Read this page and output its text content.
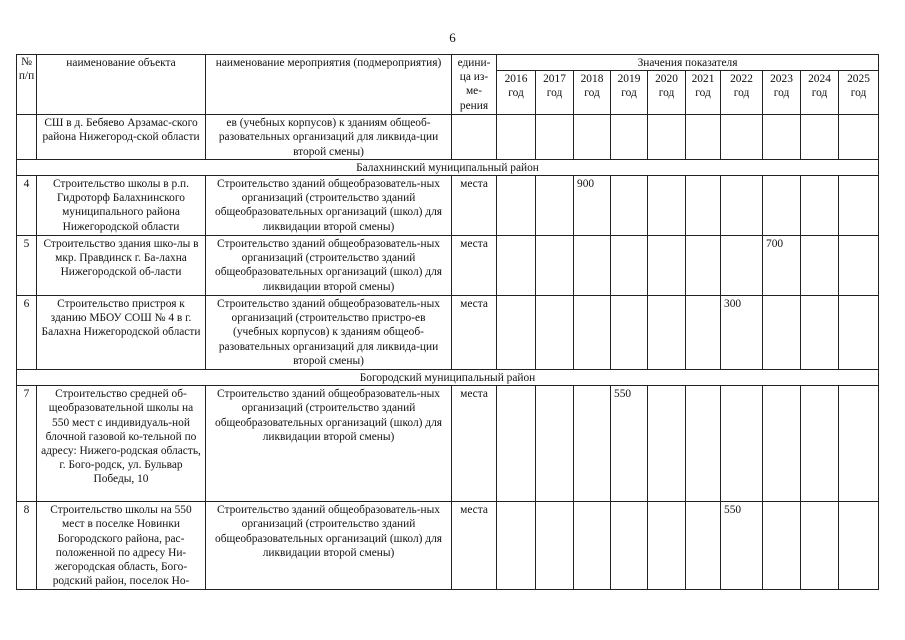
6
№ п/п	наименование объекта	наименование мероприятия (подмероприятия)	едини-ца из-ме-рения	Значения показателя									
				2016 год	2017 год	2018 год	2019 год	2020 год	2021 год	2022 год	2023 год	2024 год	2025 год
	СШ в д. Бебяево Арзамас-ского района Нижегород-ской области	ев (учебных корпусов) к зданиям общеоб-разовательных организаций для ликвида-ции второй смены)											
Балахнинский муниципальный район													
4	Строительство школы в р.п. Гидроторф Балахнинского муниципального района Нижегородской области	Строительство зданий общеобразователь-ных организаций (строительство зданий общеобразовательных организаций (школ) для ликвидации второй смены)	места			900							
5	Строительство здания шко-лы в мкр. Правдинск г. Ба-лахна Нижегородской об-ласти	Строительство зданий общеобразователь-ных организаций (строительство зданий общеобразовательных организаций (школ) для ликвидации второй смены)	места								700		
6	Строительство пристроя к зданию МБОУ СОШ № 4 в г. Балахна Нижегородской области	Строительство зданий общеобразователь-ных организаций (строительство пристро-ев (учебных корпусов) к зданиям общеоб-разовательных организаций для ликвида-ции второй смены)	места							300			
Богородский муниципальный район													
7	Строительство средней об-щеобразовательной школы на 550 мест с индивидуаль-ной блочной газовой ко-тельной по адресу: Нижего-родская область, г. Бого-родск, ул. Бульвар Победы, 10	Строительство зданий общеобразователь-ных организаций (строительство зданий общеобразовательных организаций (школ) для ликвидации второй смены)	места				550						
8	Строительство школы на 550 мест в поселке Новинки Богородского района, рас-положенной по адресу Ни-жегородская область, Бого-родский район, поселок Но-	Строительство зданий общеобразователь-ных организаций (строительство зданий общеобразовательных организаций (школ) для ликвидации второй смены)	места							550			
